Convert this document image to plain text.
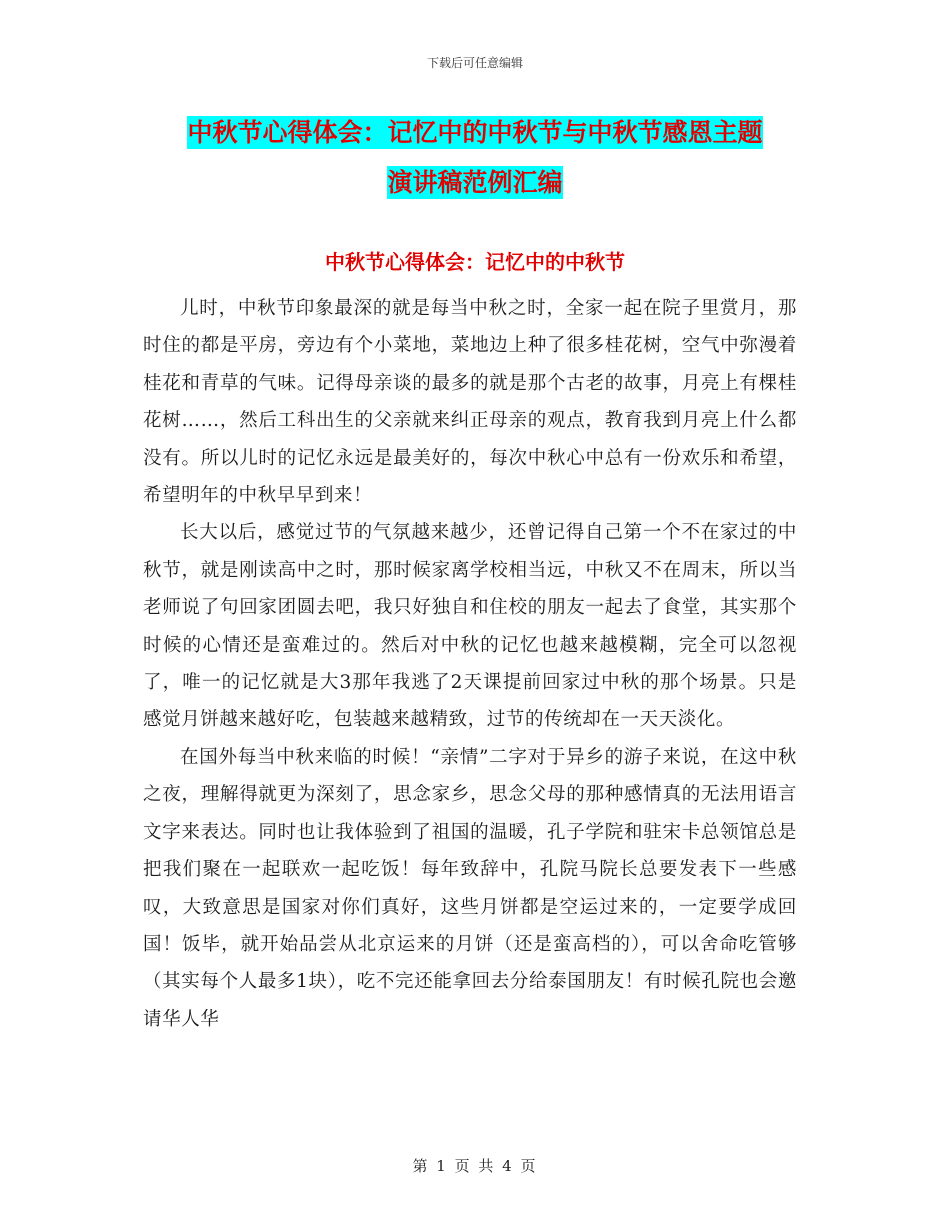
下载后可任意编辑
中秋节心得体会：记忆中的中秋节与中秋节感恩主题
演讲稿范例汇编
中秋节心得体会：记忆中的中秋节

儿时，中秋节印象最深的就是每当中秋之时，全家一起在院子里赏月，那时住的都是平房，旁边有个小菜地，菜地边上种了很多桂花树，空气中弥漫着桂花和青草的气味。记得母亲谈的最多的就是那个古老的故事，月亮上有棵桂花树……，然后工科出生的父亲就来纠正母亲的观点，教育我到月亮上什么都没有。所以儿时的记忆永远是最美好的，每次中秋心中总有一份欢乐和希望，希望明年的中秋早早到来！

长大以后，感觉过节的气氛越来越少，还曾记得自己第一个不在家过的中秋节，就是刚读高中之时，那时候家离学校相当远，中秋又不在周末，所以当老师说了句回家团圆去吧，我只好独自和住校的朋友一起去了食堂，其实那个时候的心情还是蛮难过的。然后对中秋的记忆也越来越模糊，完全可以忽视了，唯一的记忆就是大3那年我逃了2天课提前回家过中秋的那个场景。只是感觉月饼越来越好吃，包装越来越精致，过节的传统却在一天天淡化。

在国外每当中秋来临的时候！“亲情”二字对于异乡的游子来说，在这中秋之夜，理解得就更为深刻了，思念家乡，思念父母的那种感情真的无法用语言文字来表达。同时也让我体验到了祖国的温暖，孔子学院和驻宋卡总领馆总是把我们聚在一起联欢一起吃饭！每年致辞中，孔院马院长总要发表下一些感叹，大致意思是国家对你们真好，这些月饼都是空运过来的，一定要学成回国！饭毕，就开始品尝从北京运来的月饼（还是蛮高档的），可以舍命吃管够（其实每个人最多1块），吃不完还能拿回去分给泰国朋友！有时候孔院也会邀请华人华

第 1 页 共 4 页
